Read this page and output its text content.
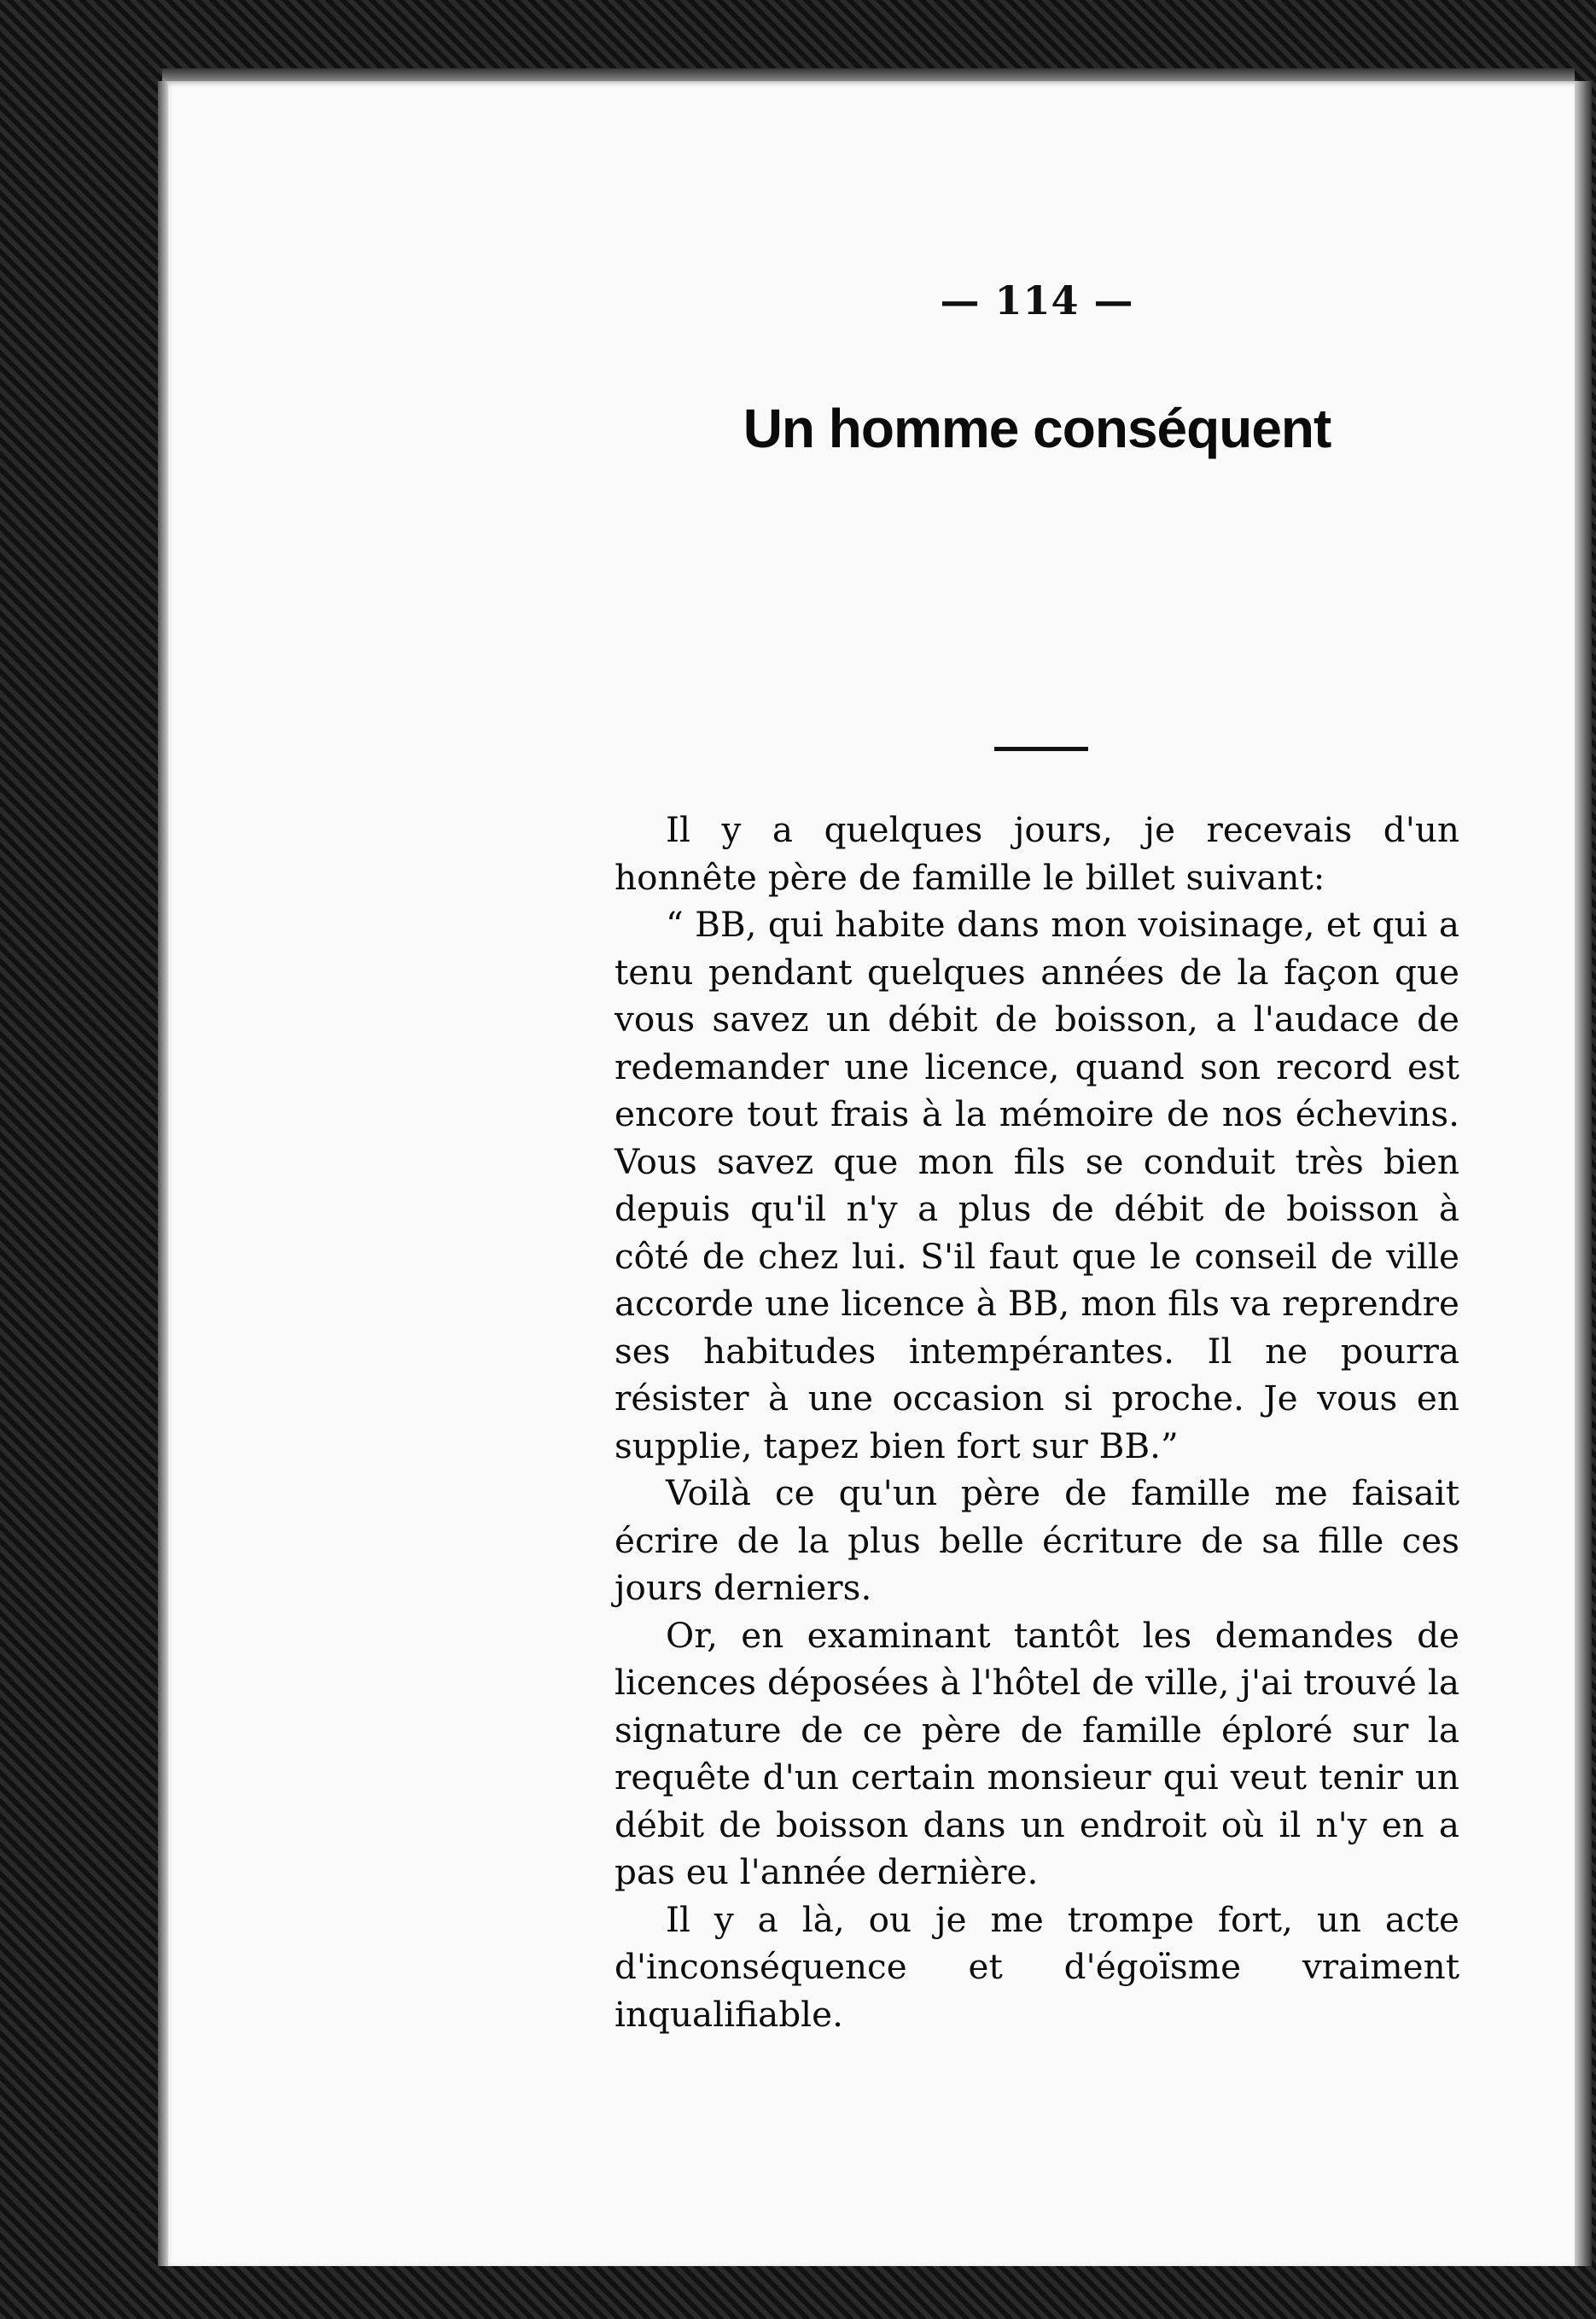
— 114 —
Un homme conséquent

Il y a quelques jours, je recevais d'un honnête père de famille le billet suivant:

“ BB, qui habite dans mon voisinage, et qui a tenu pendant quelques années de la façon que vous savez un débit de boisson, a l'audace de redemander une licence, quand son record est encore tout frais à la mémoire de nos échevins. Vous savez que mon fils se conduit très bien depuis qu'il n'y a plus de débit de boisson à côté de chez lui. S'il faut que le conseil de ville accorde une licence à BB, mon fils va reprendre ses habitudes intempérantes. Il ne pourra résister à une occasion si proche. Je vous en supplie, tapez bien fort sur BB.”

Voilà ce qu'un père de famille me faisait écrire de la plus belle écriture de sa fille ces jours derniers.

Or, en examinant tantôt les demandes de licences déposées à l'hôtel de ville, j'ai trouvé la signature de ce père de famille éploré sur la requête d'un certain monsieur qui veut tenir un débit de boisson dans un endroit où il n'y en a pas eu l'année dernière.

Il y a là, ou je me trompe fort, un acte d'inconséquence et d'égoïsme vraiment inqualifiable.
